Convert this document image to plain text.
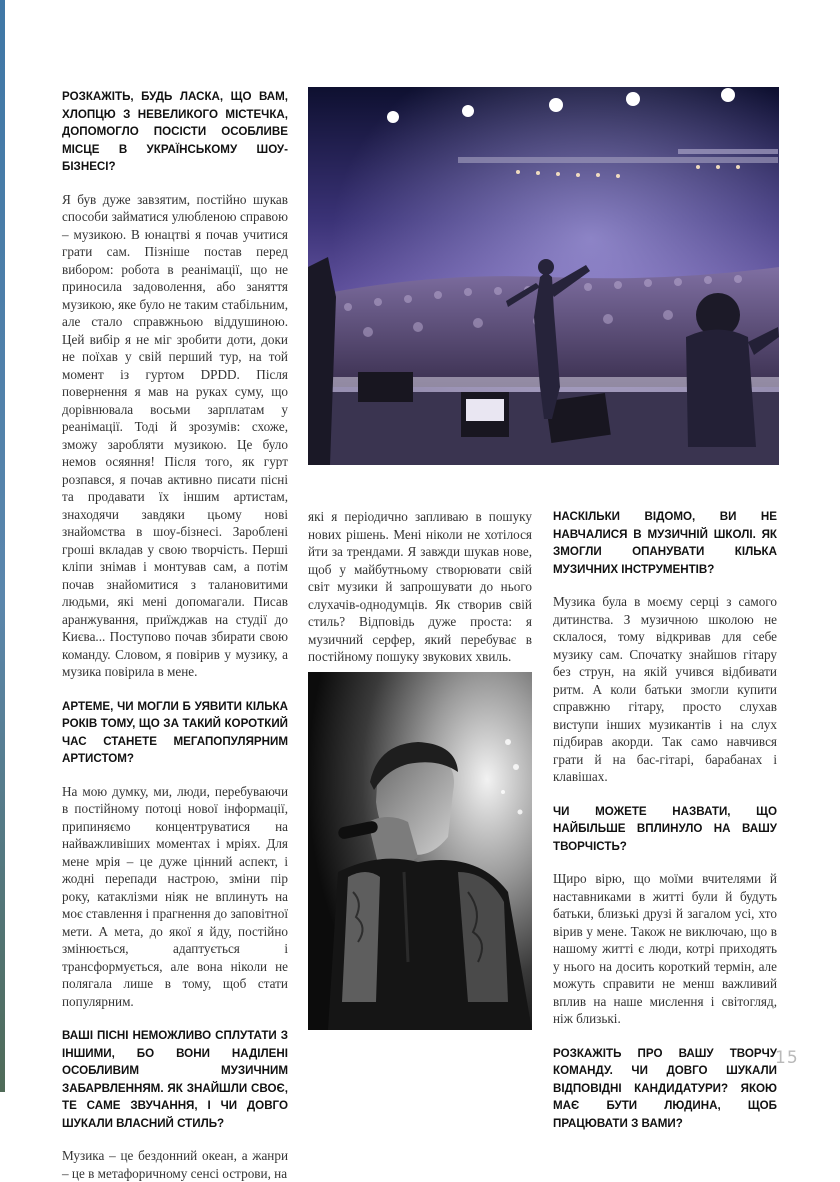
РОЗКАЖІТЬ, БУДЬ ЛАСКА, ЩО ВАМ, ХЛОПЦЮ З НЕВЕЛИКОГО МІСТЕЧКА, ДОПОМОГЛО ПОСІСТИ ОСОБЛИВЕ МІСЦЕ В УКРАЇНСЬКОМУ ШОУ-БІЗНЕСІ?

Я був дуже завзятим, постійно шукав способи займатися улюбленою справою – музикою. В юнацтві я почав учитися грати сам. Пізніше постав перед вибором: робота в реанімації, що не приносила задоволення, або заняття музикою, яке було не таким стабільним, але стало справжньою віддушиною. Цей вибір я не міг зробити доти, доки не поїхав у свій перший тур, на той момент із гуртом DPDD. Після повернення я мав на руках суму, що дорівнювала восьми зарплатам у реанімації. Тоді й зрозумів: схоже, зможу заробляти музикою. Це було немов осяяння! Після того, як гурт розпався, я почав активно писати пісні та продавати їх іншим артистам, знаходячи завдяки цьому нові знайомства в шоу-бізнесі. Зароблені гроші вкладав у свою творчість. Перші кліпи знімав і монтував сам, а потім почав знайомитися з талановитими людьми, які мені допомагали. Писав аранжування, приїжджав на студії до Києва... Поступово почав збирати свою команду. Словом, я повірив у музику, а музика повірила в мене.

АРТЕМЕ, ЧИ МОГЛИ Б УЯВИТИ КІЛЬКА РОКІВ ТОМУ, ЩО ЗА ТАКИЙ КОРОТКИЙ ЧАС СТАНЕТЕ МЕГАПОПУЛЯРНИМ АРТИСТОМ?

На мою думку, ми, люди, перебуваючи в постійному потоці нової інформації, припиняємо концентруватися на найважливіших моментах і мріях. Для мене мрія – це дуже цінний аспект, і жодні перепади настрою, зміни пір року, катаклізми ніяк не вплинуть на моє ставлення і прагнення до заповітної мети. А мета, до якої я йду, постійно змінюється, адаптується і трансформується, але вона ніколи не полягала лише в тому, щоб стати популярним.

ВАШІ ПІСНІ НЕМОЖЛИВО СПЛУТАТИ З ІНШИМИ, БО ВОНИ НАДІЛЕНІ ОСОБЛИВИМ МУЗИЧНИМ ЗАБАРВЛЕННЯМ. ЯК ЗНАЙШЛИ СВОЄ, ТЕ САМЕ ЗВУЧАННЯ, І ЧИ ДОВГО ШУКАЛИ ВЛАСНИЙ СТИЛЬ?

Музика – це бездонний океан, а жанри – це в метафоричному сенсі острови, на

які я періодично запливаю в пошуку нових рішень. Мені ніколи не хотілося йти за трендами. Я завжди шукав нове, щоб у майбутньому створювати свій світ музики й запрошувати до нього слухачів-однодумців. Як створив свій стиль? Відповідь дуже проста: я музичний серфер, який перебуває в постійному пошуку звукових хвиль.

НАСКІЛЬКИ ВІДОМО, ВИ НЕ НАВЧАЛИСЯ В МУЗИЧНІЙ ШКОЛІ. ЯК ЗМОГЛИ ОПАНУВАТИ КІЛЬКА МУЗИЧНИХ ІНСТРУМЕНТІВ?

Музика була в моєму серці з самого дитинства. З музичною школою не склалося, тому відкривав для себе музику сам. Спочатку знайшов гітару без струн, на якій учився відбивати ритм. А коли батьки змогли купити справжню гітару, просто слухав виступи інших музикантів і на слух підбирав акорди. Так само навчився грати й на бас-гітарі, барабанах і клавішах.

ЧИ МОЖЕТЕ НАЗВАТИ, ЩО НАЙБІЛЬШЕ ВПЛИНУЛО НА ВАШУ ТВОРЧІСТЬ?

Щиро вірю, що моїми вчителями й наставниками в житті були й будуть батьки, близькі друзі й загалом усі, хто вірив у мене. Також не виключаю, що в нашому житті є люди, котрі приходять у нього на досить короткий термін, але можуть справити не менш важливий вплив на наше мислення і світогляд, ніж близькі.

РОЗКАЖІТЬ ПРО ВАШУ ТВОРЧУ КОМАНДУ. ЧИ ДОВГО ШУКАЛИ ВІДПОВІДНІ КАНДИДАТУРИ? ЯКОЮ МАЄ БУТИ ЛЮДИНА, ЩОБ ПРАЦЮВАТИ З ВАМИ?

15
